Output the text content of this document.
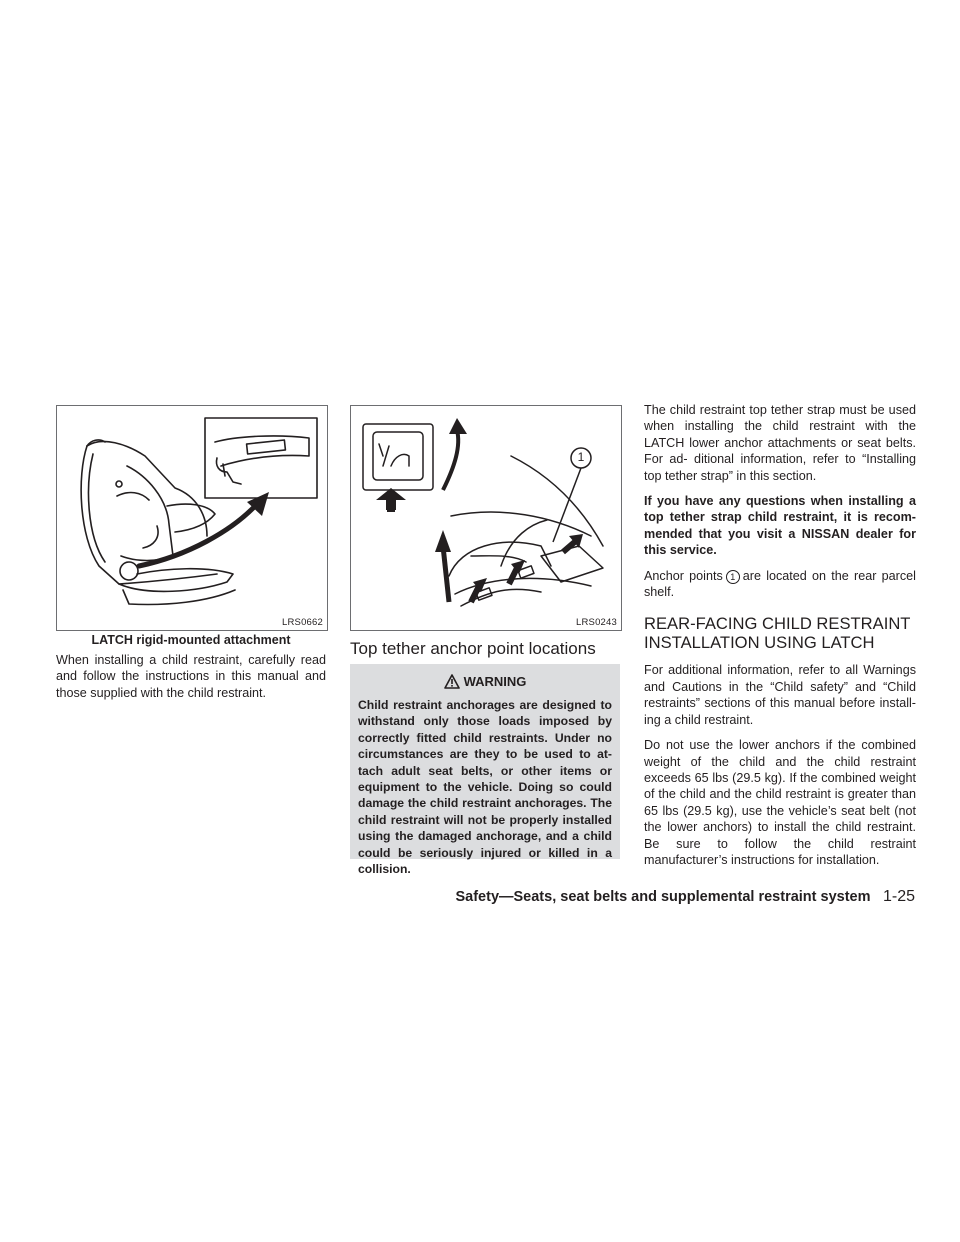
LRS0662
LATCH rigid-mounted attachment

When installing a child restraint, carefully read and follow the instructions in this manual and those supplied with the child restraint.

1
LRS0243
Top tether anchor point locations
WARNING

Child restraint anchorages are designed to withstand only those loads imposed by correctly fitted child restraints. Under no circumstances are they to be used to at- tach adult seat belts, or other items or equipment to the vehicle. Doing so could damage the child restraint anchorages. The child restraint will not be properly installed using the damaged anchorage, and a child could be seriously injured or killed in a collision.

The child restraint top tether strap must be used when installing the child restraint with the LATCH lower anchor attachments or seat belts. For ad- ditional information, refer to “Installing top tether strap” in this section.

If you have any questions when installing a top tether strap child restraint, it is recom- mended that you visit a NISSAN dealer for this service.

Anchor points 1 are located on the rear parcel shelf.

REAR-FACING CHILD RESTRAINT
INSTALLATION USING LATCH

For additional information, refer to all Warnings and Cautions in the “Child safety” and “Child restraints” sections of this manual before install- ing a child restraint.

Do not use the lower anchors if the combined weight of the child and the child restraint exceeds 65 lbs (29.5 kg). If the combined weight of the child and the child restraint is greater than 65 lbs (29.5 kg), use the vehicle’s seat belt (not the lower anchors) to install the child restraint. Be sure to follow the child restraint manufacturer’s instructions for installation.

Safety—Seats, seat belts and supplemental restraint system 1-25
